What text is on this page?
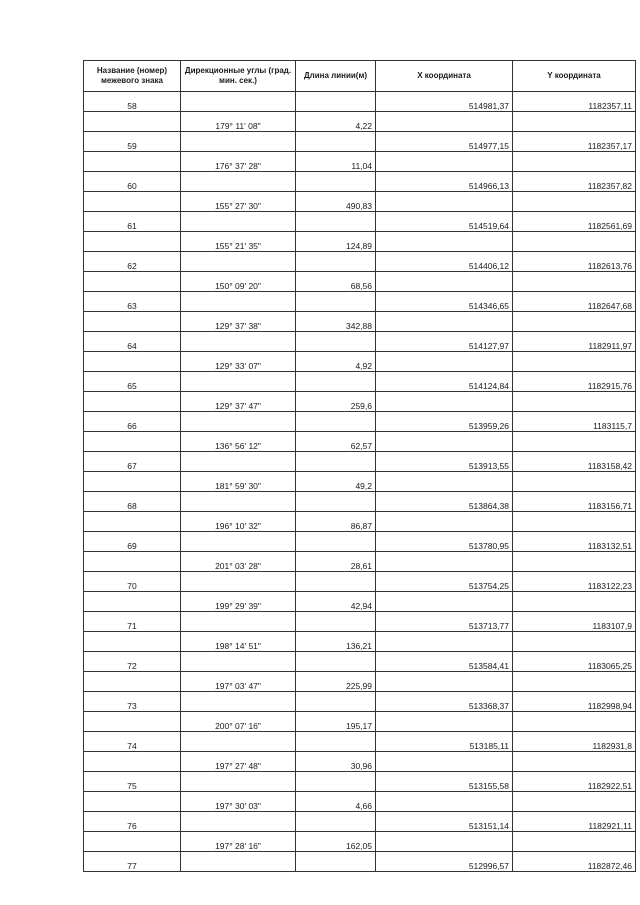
Название (номер) межевого знака	Дирекционные углы (град. мин. сек.)	Длина линии(м)	X координата	Y координата
58			514981,37	1182357,11
	179° 11' 08"	4,22		
59			514977,15	1182357,17
	176° 37' 28"	11,04		
60			514966,13	1182357,82
	155° 27' 30"	490,83		
61			514519,64	1182561,69
	155° 21' 35"	124,89		
62			514406,12	1182613,76
	150° 09' 20"	68,56		
63			514346,65	1182647,68
	129° 37' 38"	342,88		
64			514127,97	1182911,97
	129° 33' 07"	4,92		
65			514124,84	1182915,76
	129° 37' 47"	259,6		
66			513959,26	1183115,7
	136° 56' 12"	62,57		
67			513913,55	1183158,42
	181° 59' 30"	49,2		
68			513864,38	1183156,71
	196° 10' 32"	86,87		
69			513780,95	1183132,51
	201° 03' 28"	28,61		
70			513754,25	1183122,23
	199° 29' 39"	42,94		
71			513713,77	1183107,9
	198° 14' 51"	136,21		
72			513584,41	1183065,25
	197° 03' 47"	225,99		
73			513368,37	1182998,94
	200° 07' 16"	195,17		
74			513185,11	1182931,8
	197° 27' 48"	30,96		
75			513155,58	1182922,51
	197° 30' 03"	4,66		
76			513151,14	1182921,11
	197° 28' 16"	162,05		
77			512996,57	1182872,46
